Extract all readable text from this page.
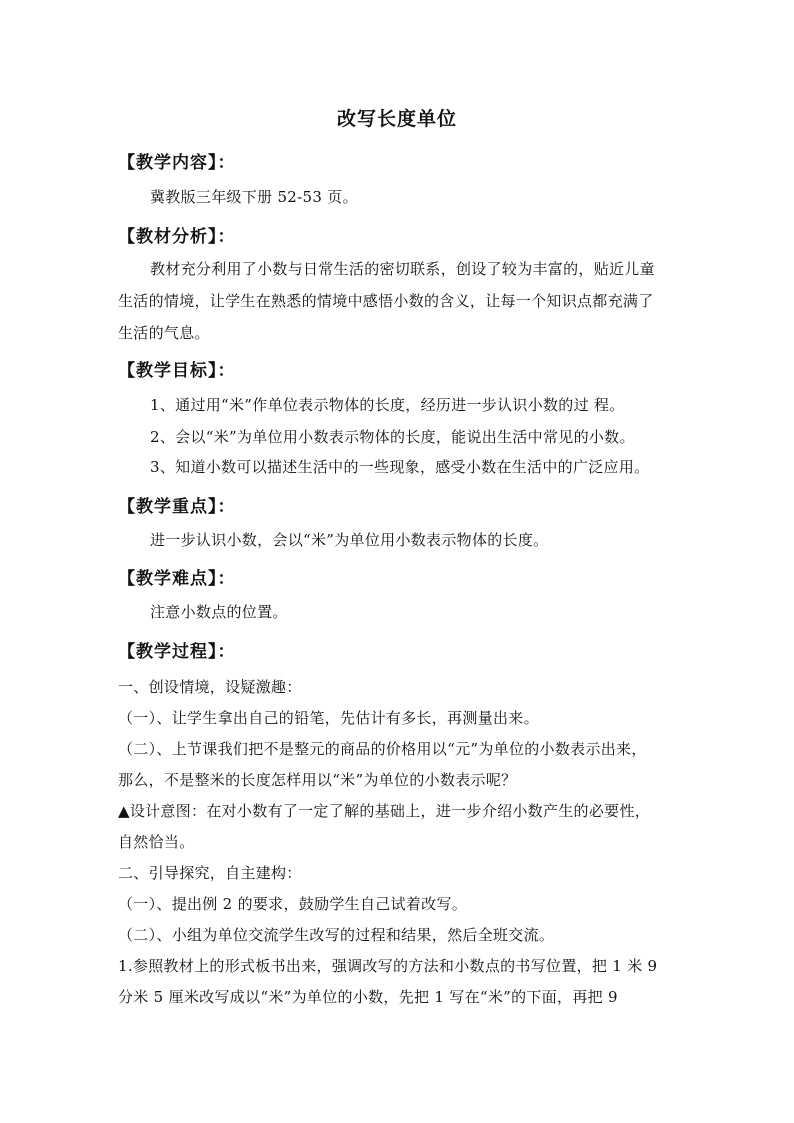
改写长度单位
【教学内容】：
冀教版三年级下册 52-53 页。
【教材分析】：
教材充分利用了小数与日常生活的密切联系，创设了较为丰富的，贴近儿童
生活的情境，让学生在熟悉的情境中感悟小数的含义，让每一个知识点都充满了
生活的气息。
【教学目标】：
1、通过用“米”作单位表示物体的长度，经历进一步认识小数的过 程。
2、会以“米”为单位用小数表示物体的长度，能说出生活中常见的小数。
3、知道小数可以描述生活中的一些现象，感受小数在生活中的广泛应用。
【教学重点】：
进一步认识小数，会以“米”为单位用小数表示物体的长度。
【教学难点】：
注意小数点的位置。
【教学过程】：
一、创设情境，设疑激趣：
（一）、让学生拿出自己的铅笔，先估计有多长，再测量出来。
（二）、上节课我们把不是整元的商品的价格用以“元”为单位的小数表示出来，
那么，不是整米的长度怎样用以“米”为单位的小数表示呢？
▲设计意图：在对小数有了一定了解的基础上，进一步介绍小数产生的必要性，
自然恰当。
二、引导探究，自主建构：
（一）、提出例 2 的要求，鼓励学生自己试着改写。
（二）、小组为单位交流学生改写的过程和结果，然后全班交流。
1.参照教材上的形式板书出来，强调改写的方法和小数点的书写位置，把 1 米 9
分米 5 厘米改写成以“米”为单位的小数，先把 1 写在“米”的下面，再把 9
